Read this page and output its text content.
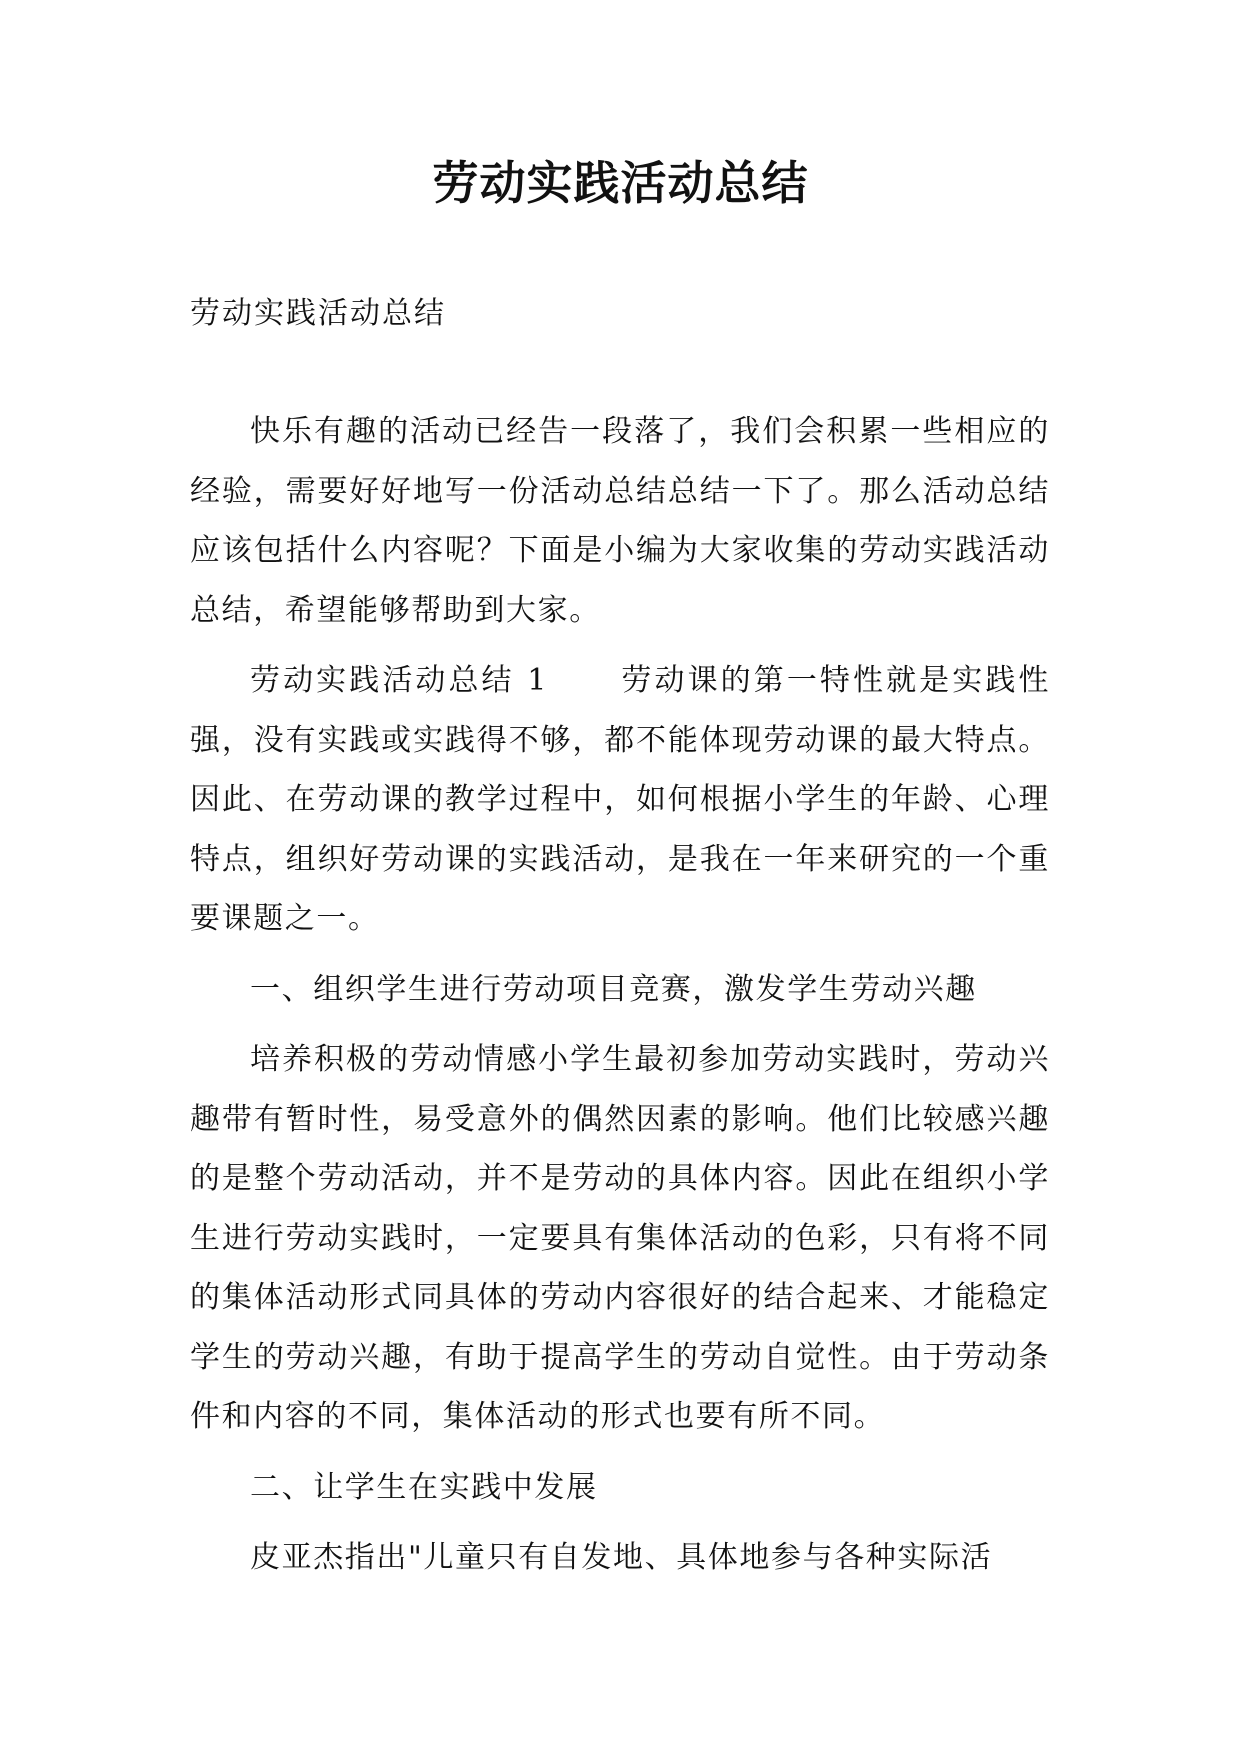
劳动实践活动总结

劳动实践活动总结

快乐有趣的活动已经告一段落了，我们会积累一些相应的经验，需要好好地写一份活动总结总结一下了。那么活动总结应该包括什么内容呢？下面是小编为大家收集的劳动实践活动总结，希望能够帮助到大家。

劳动实践活动总结 1 劳动课的第一特性就是实践性强，没有实践或实践得不够，都不能体现劳动课的最大特点。因此、在劳动课的教学过程中，如何根据小学生的年龄、心理特点，组织好劳动课的实践活动，是我在一年来研究的一个重要课题之一。

一、组织学生进行劳动项目竞赛，激发学生劳动兴趣

培养积极的劳动情感小学生最初参加劳动实践时，劳动兴趣带有暂时性，易受意外的偶然因素的影响。他们比较感兴趣的是整个劳动活动，并不是劳动的具体内容。因此在组织小学生进行劳动实践时，一定要具有集体活动的色彩，只有将不同的集体活动形式同具体的劳动内容很好的结合起来、才能稳定学生的劳动兴趣，有助于提高学生的劳动自觉性。由于劳动条件和内容的不同，集体活动的形式也要有所不同。

二、让学生在实践中发展

皮亚杰指出"儿童只有自发地、具体地参与各种实际活
